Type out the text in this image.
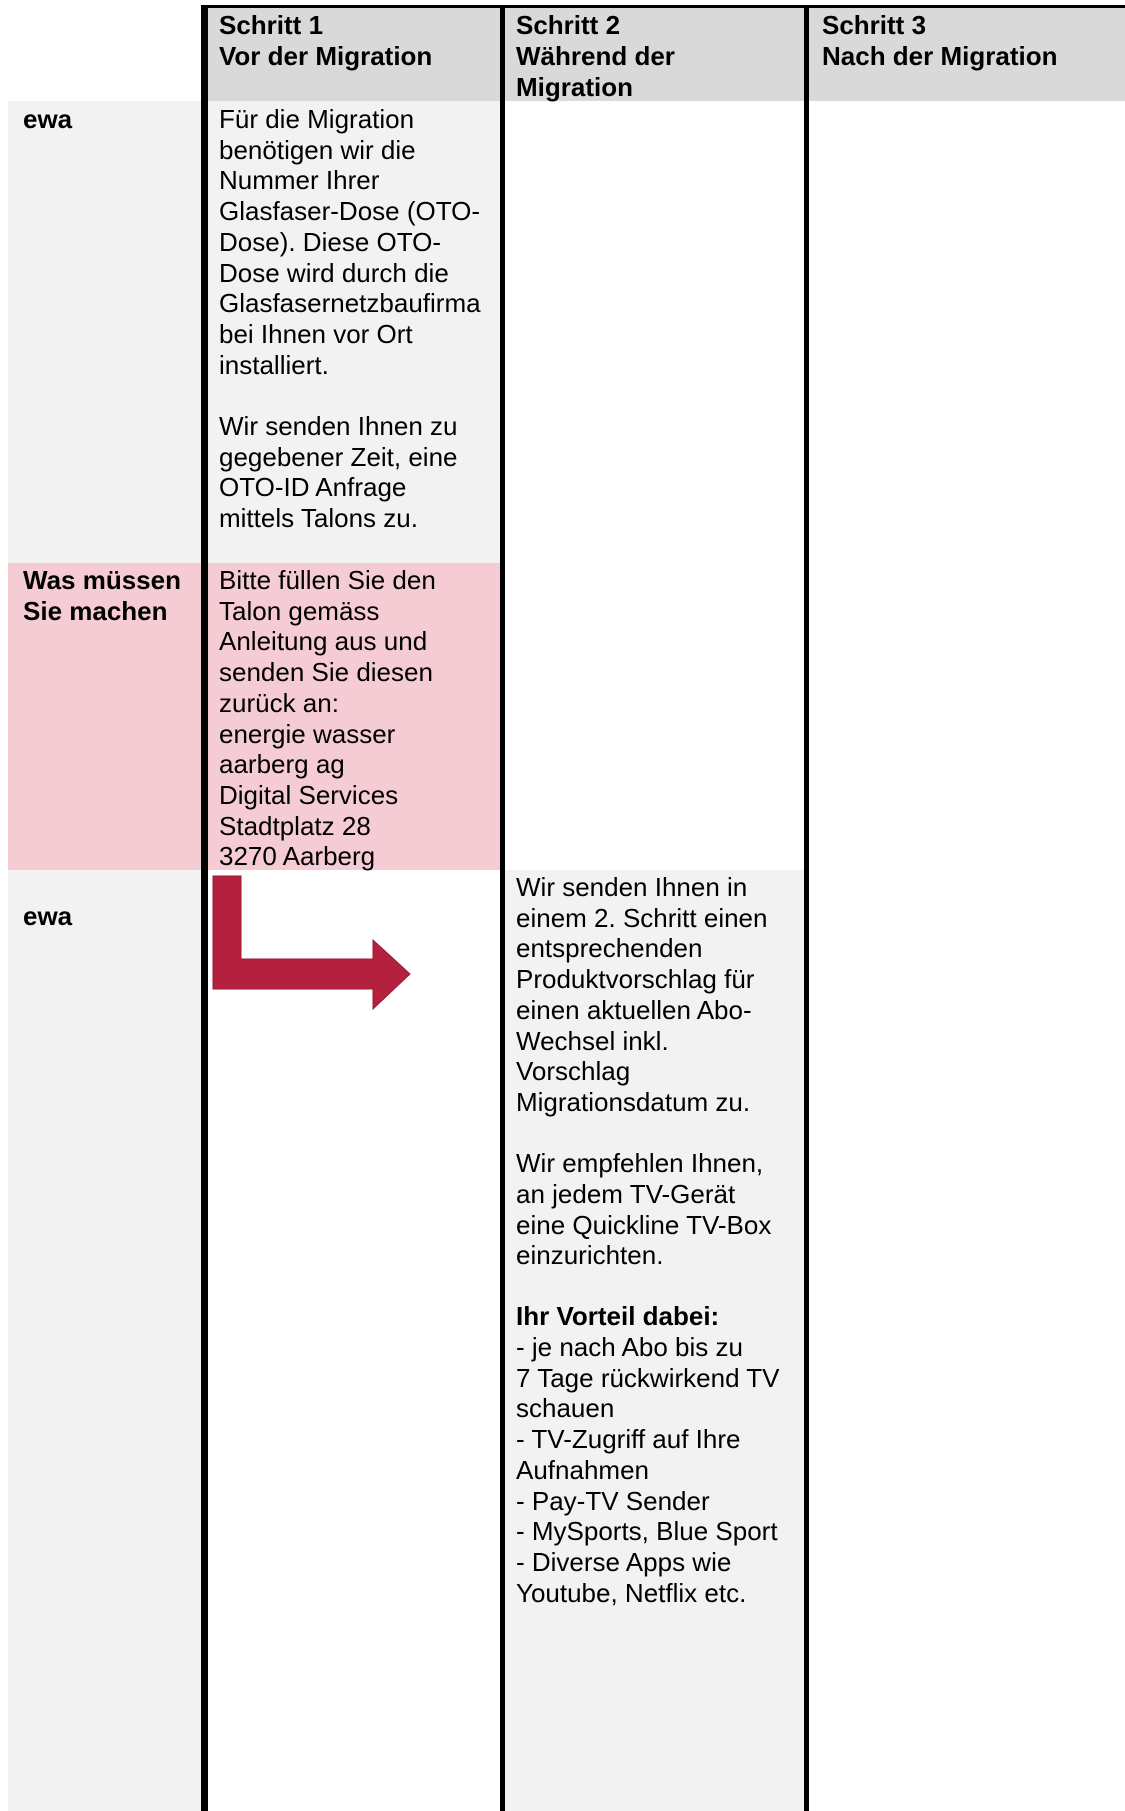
Schritt 1
Vor der Migration
Schritt 2
Während der Migration
Schritt 3
Nach der Migration
ewa	Für die Migration
benötigen wir die
Nummer Ihrer
Glasfaser-Dose (OTO-
Dose). Diese OTO-
Dose wird durch die
Glasfasernetzbaufirma
bei Ihnen vor Ort
installiert.

Wir senden Ihnen zu
gegebener Zeit, eine
OTO-ID Anfrage
mittels Talons zu.
Was müssen Sie machen
Bitte füllen Sie den
Talon gemäss
Anleitung aus und
senden Sie diesen
zurück an:
energie wasser
aarberg ag
Digital Services
Stadtplatz 28
3270 Aarberg
ewa
Wir senden Ihnen in
einem 2. Schritt einen
entsprechenden
Produktvorschlag für
einen aktuellen Abo-
Wechsel inkl.
Vorschlag
Migrationsdatum zu.

Wir empfehlen Ihnen,
an jedem TV-Gerät
eine Quickline TV-Box
einzurichten.
Ihr Vorteil dabei:
- je nach Abo bis zu
7 Tage rückwirkend TV
schauen
- TV-Zugriff auf Ihre
Aufnahmen
- Pay-TV Sender
- MySports, Blue Sport
- Diverse Apps wie
Youtube, Netflix etc.
